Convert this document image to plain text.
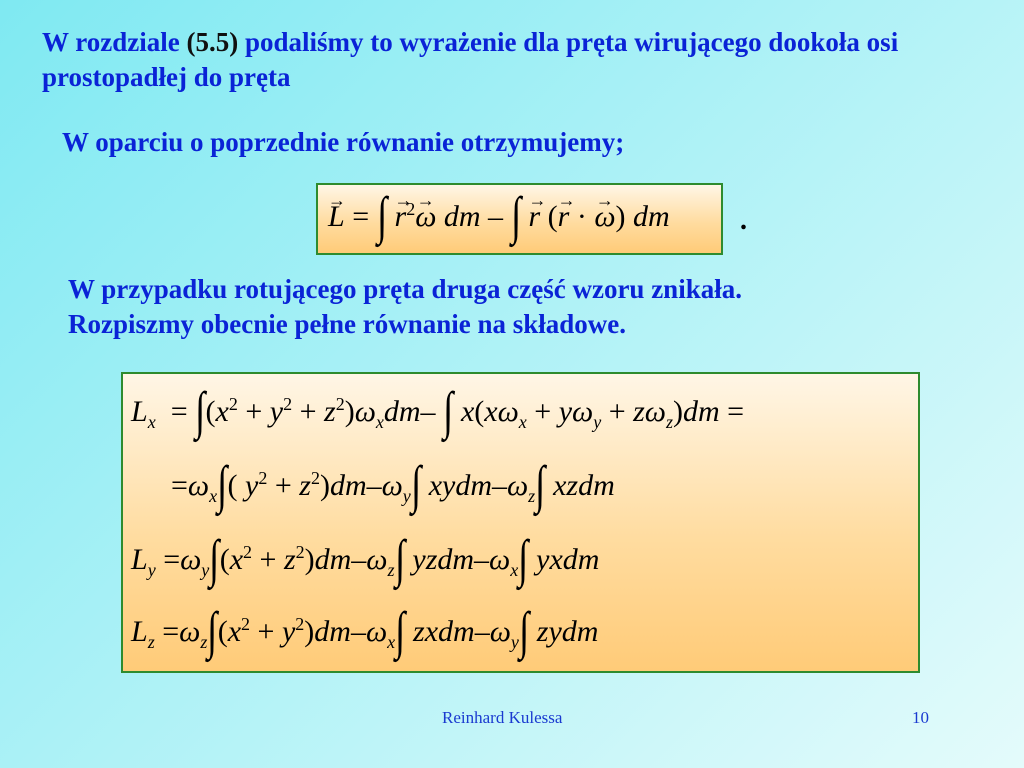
W rozdziale (5.5) podaliśmy to wyrażenie dla pręta wirującego dookoła osi prostopadłej do pręta
W oparciu o poprzednie równanie otrzymujemy;
→ L = ∫ → $r^2\to \omega$ dm – ∫ → r (→ r · → ω) dm	.
W przypadku rotującego pręta druga część wzoru znikała.
Rozpiszmy obecnie pełne równanie na składowe.
$L_x = \int(x^2 + y^2 + z^2)\omega_xdm-$ ∫ $x(x\omega_x + y\omega_y + z\omega_z)dm$ =
$=\omega_x\int$( $y^2 + z^2)dm-\omega_y\int$ xydm–$\omega_z\int$ xzdm
$L_y =\omega_y\int(x^2 + z^2)dm-\omega_z\int$ yzdm–$\omega_x\int$ yxdm
$L_z =\omega_z\int(x^2 + y^2)dm-\omega_x\int$ zxdm–$\omega_y\int$ zydm
Reinhard Kulessa	10
